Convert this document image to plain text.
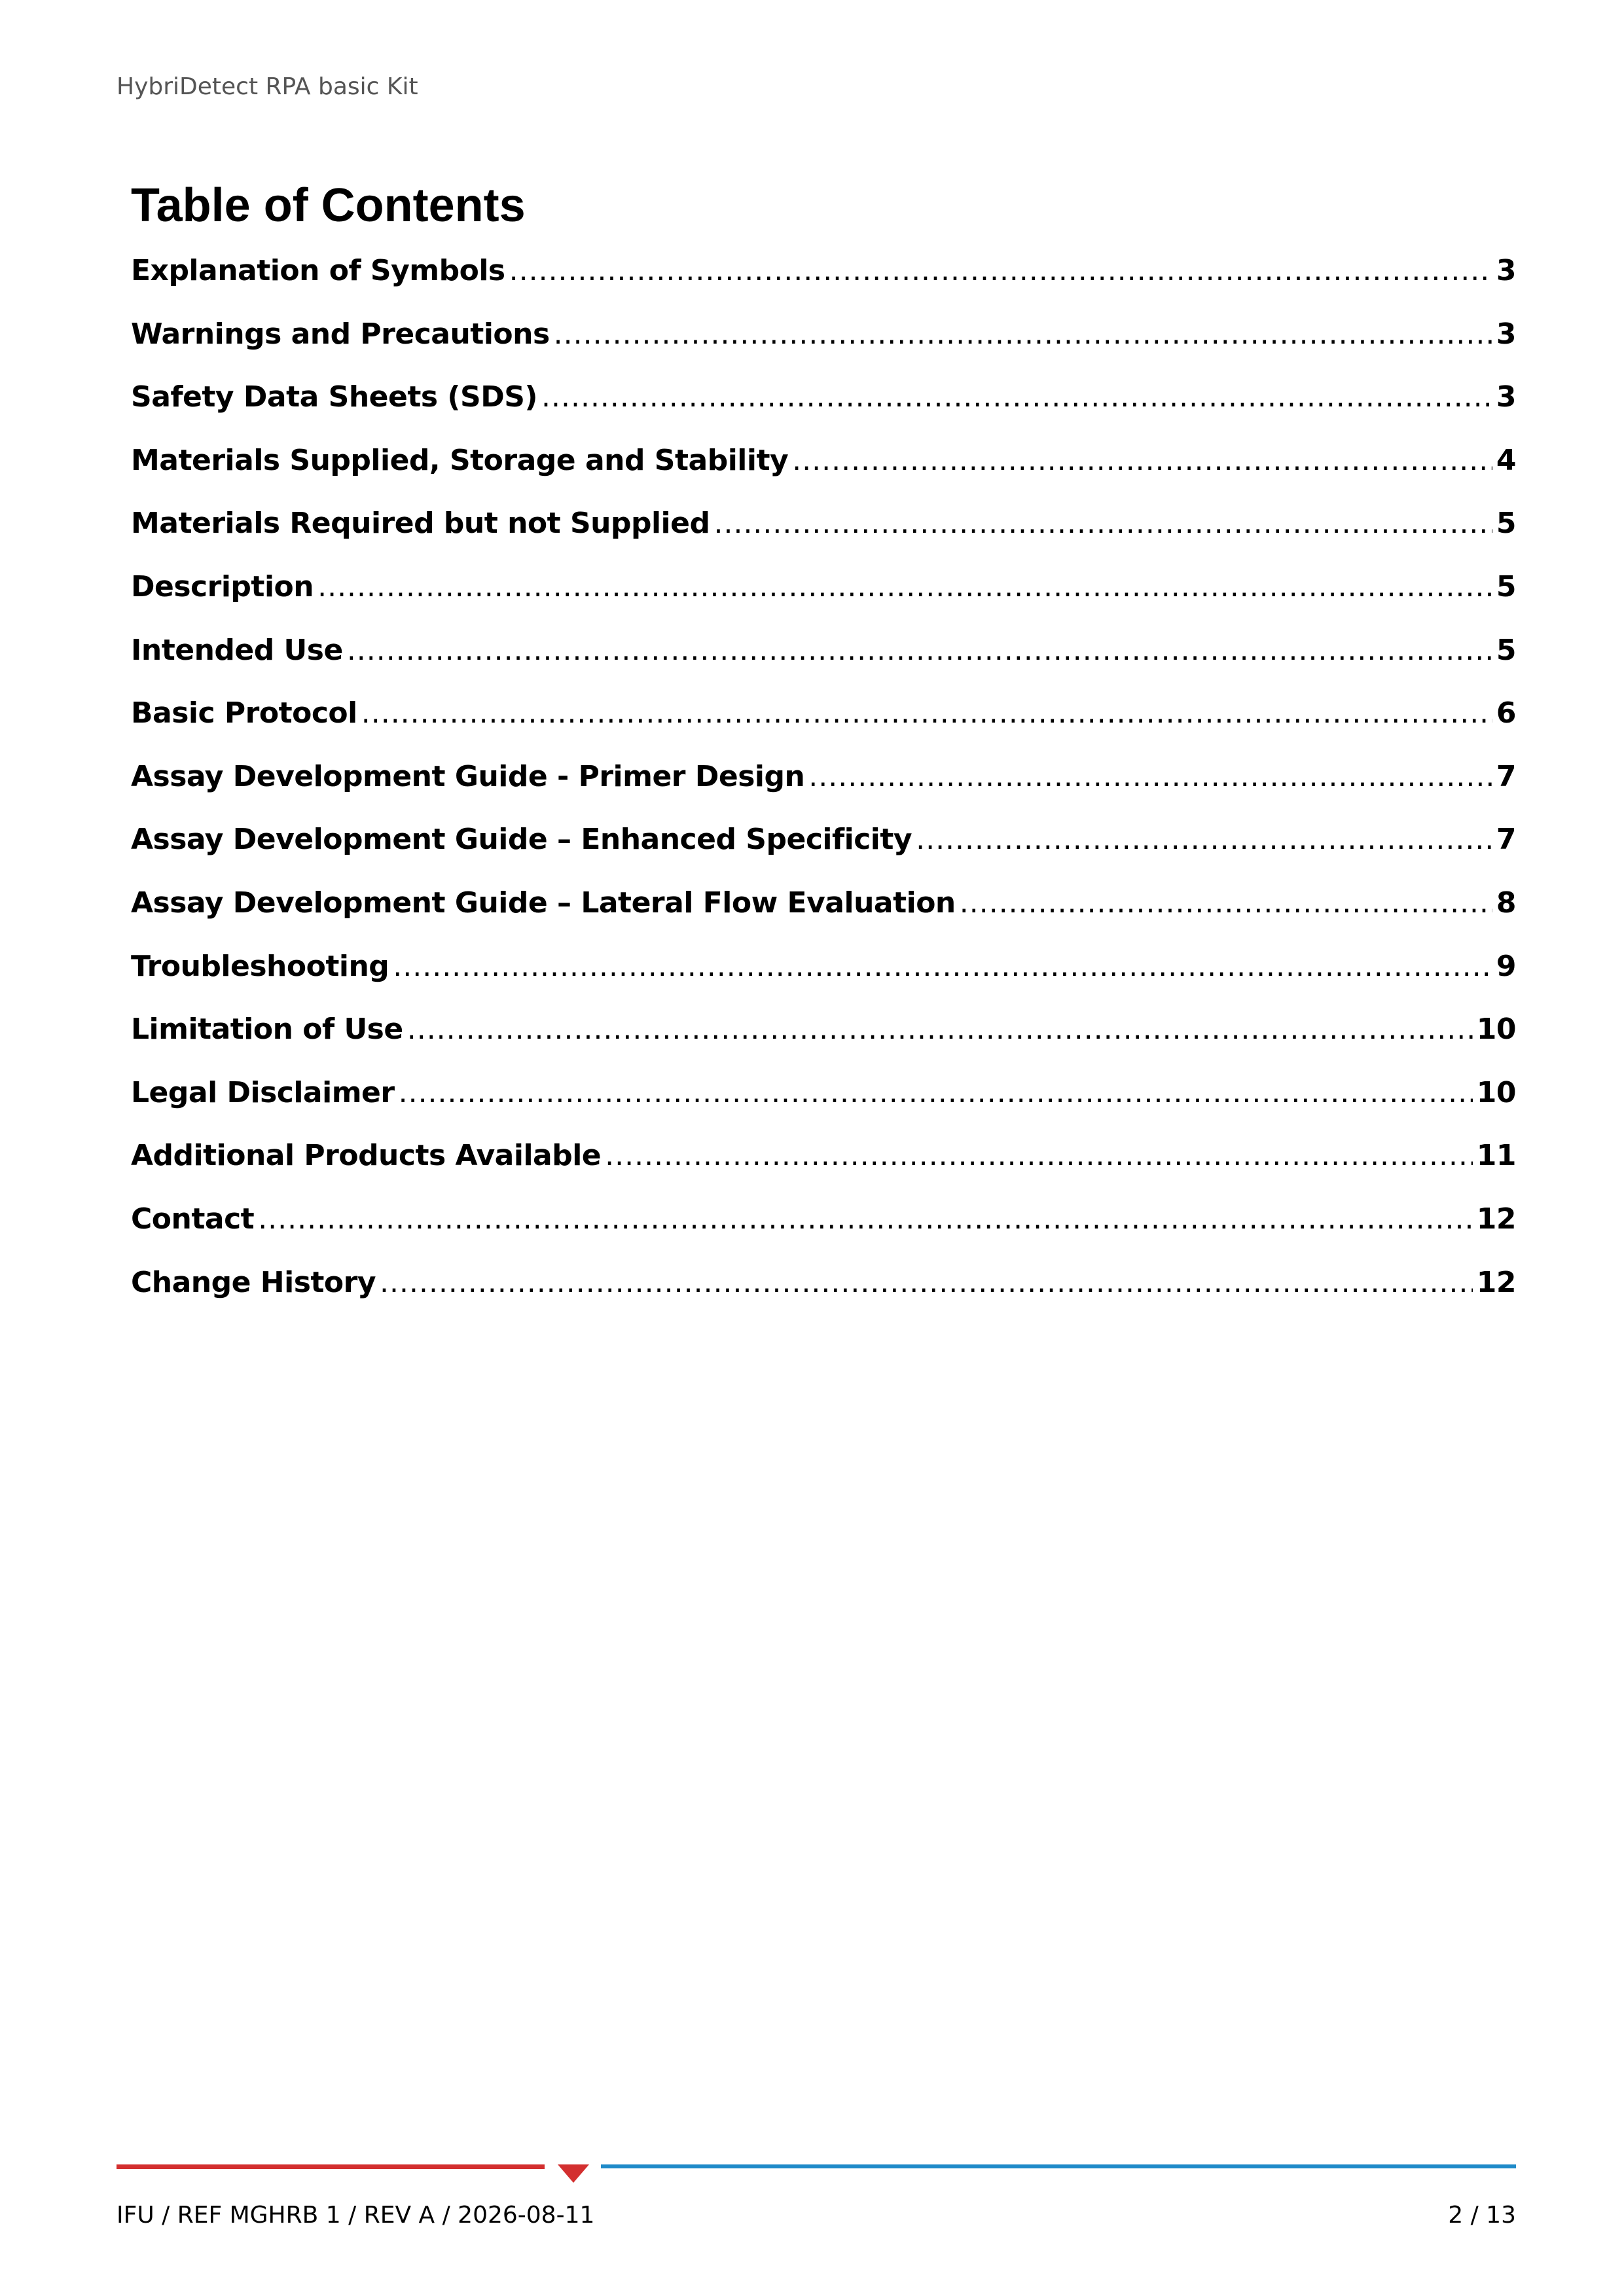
HybriDetect RPA basic Kit
Table of Contents
Explanation of Symbols .....	3
Warnings and Precautions .....	3
Safety Data Sheets (SDS) .....	3
Materials Supplied, Storage and Stability .....	4
Materials Required but not Supplied .....	5
Description .....	5
Intended Use .....	5
Basic Protocol .....	6
Assay Development Guide - Primer Design .....	7
Assay Development Guide – Enhanced Specificity .....	7
Assay Development Guide – Lateral Flow Evaluation .....	8
Troubleshooting .....	9
Limitation of Use .....	10
Legal Disclaimer .....	10
Additional Products Available .....	11
Contact .....	12
Change History .....	12
IFU / REF MGHRB 1 / REV A / 2026-08-11	2 / 13
